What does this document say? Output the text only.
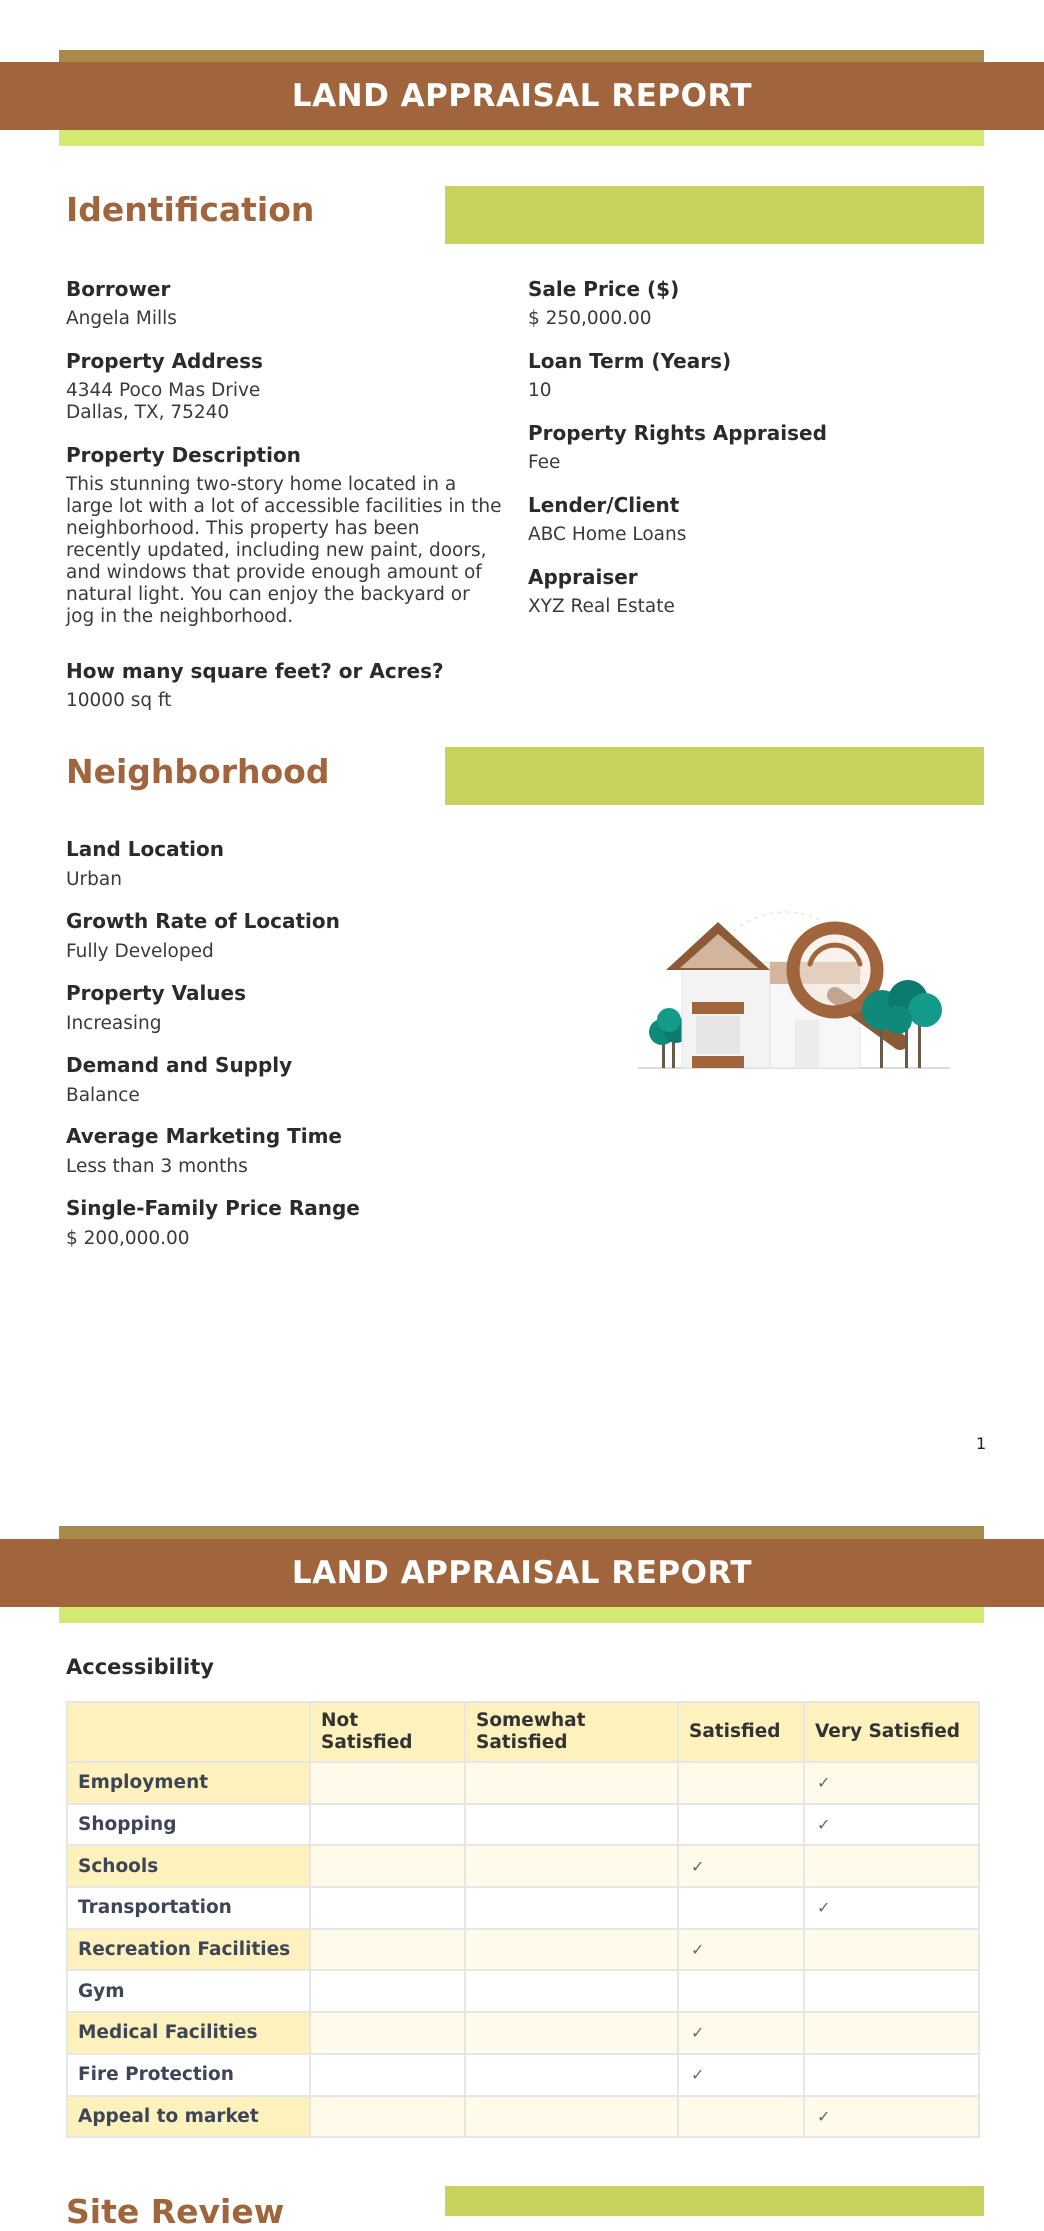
LAND APPRAISAL REPORT
Identification
Borrower
Angela Mills
Property Address
4344 Poco Mas Drive
Dallas, TX, 75240
Property Description
This stunning two-story home located in a
large lot with a lot of accessible facilities in the
neighborhood. This property has been
recently updated, including new paint, doors,
and windows that provide enough amount of
natural light. You can enjoy the backyard or
jog in the neighborhood.
How many square feet? or Acres?
10000 sq ft
Sale Price ($)
$ 250,000.00
Loan Term (Years)
10
Property Rights Appraised
Fee
Lender/Client
ABC Home Loans
Appraiser
XYZ Real Estate
Neighborhood
Land Location
Urban
Growth Rate of Location
Fully Developed
Property Values
Increasing
Demand and Supply
Balance
Average Marketing Time
Less than 3 months
Single-Family Price Range
$ 200,000.00
1
LAND APPRAISAL REPORT
Accessibility
	Not Satisfied	Somewhat Satisfied	Satisfied	Very Satisfied
Employment				✓
Shopping				✓
Schools			✓	
Transportation				✓
Recreation Facilities			✓	
Gym				
Medical Facilities			✓	
Fire Protection			✓	
Appeal to market				✓
Site Review
